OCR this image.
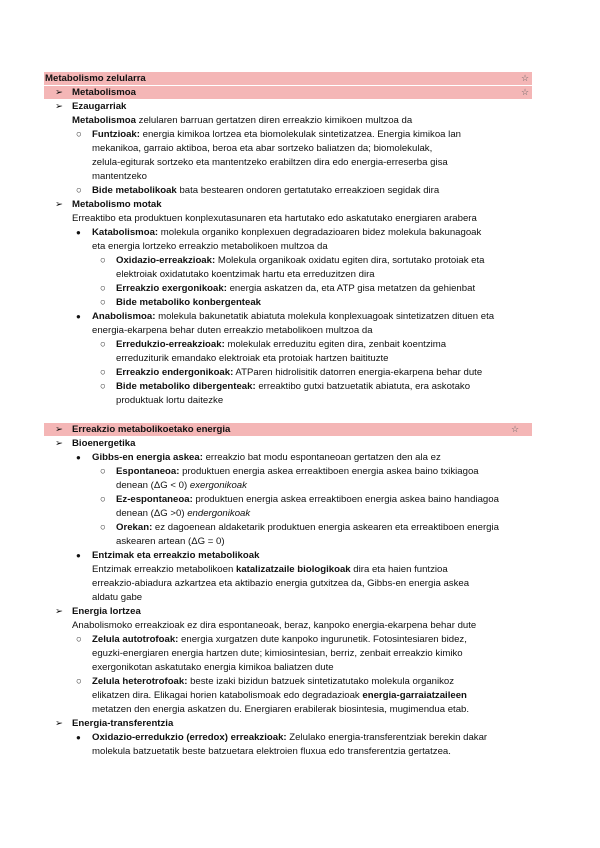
Metabolismo zelularra	☆
➢ Metabolismoa	☆
➢ Ezaugarriak
Metabolismoa zelularen barruan gertatzen diren erreakzio kimikoen multzoa da
○ Funtzioak: energia kimikoa lortzea eta biomolekulak sintetizatzea. Energia kimikoa lan
mekanikoa, garraio aktiboa, beroa eta abar sortzeko baliatzen da; biomolekulak,
zelula-egiturak sortzeko eta mantentzeko erabiltzen dira edo energia-erreserba gisa
mantentzeko
○ Bide metabolikoak bata bestearen ondoren gertatutako erreakzioen segidak dira
➢ Metabolismo motak
Erreaktibo eta produktuen konplexutasunaren eta hartutako edo askatutako energiaren arabera
● Katabolismoa: molekula organiko konplexuen degradazioaren bidez molekula bakunagoak
eta energia lortzeko erreakzio metabolikoen multzoa da
○ Oxidazio-erreakzioak: Molekula organikoak oxidatu egiten dira, sortutako protoiak eta
elektroiak oxidatutako koentzimak hartu eta erreduzitzen dira
○ Erreakzio exergonikoak: energia askatzen da, eta ATP gisa metatzen da gehienbat
○ Bide metaboliko konbergenteak
● Anabolismoa: molekula bakunetatik abiatuta molekula konplexuagoak sintetizatzen dituen eta
energia-ekarpena behar duten erreakzio metabolikoen multzoa da
○ Erredukzio-erreakzioak: molekulak erreduzitu egiten dira, zenbait koentzima
erreduziturik emandako elektroiak eta protoiak hartzen baitituzte
○ Erreakzio endergonikoak: ATParen hidrolisitik datorren energia-ekarpena behar dute
○ Bide metaboliko dibergenteak: erreaktibo gutxi batzuetatik abiatuta, era askotako
produktuak lortu daitezke
➢ Erreakzio metabolikoetako energia	☆
➢ Bioenergetika
● Gibbs-en energia askea: erreakzio bat modu espontaneoan gertatzen den ala ez
○ Espontaneoa: produktuen energia askea erreaktiboen energia askea baino txikiagoa
denean (ΔG < 0) exergonikoak
○ Ez-espontaneoa: produktuen energia askea erreaktiboen energia askea baino handiagoa
denean (ΔG >0) endergonikoak
○ Orekan: ez dagoenean aldaketarik produktuen energia askearen eta erreaktiboen energia
askearen artean (ΔG = 0)
● Entzimak eta erreakzio metabolikoak
Entzimak erreakzio metabolikoen katalizatzaile biologikoak dira eta haien funtzioa
erreakzio-abiadura azkartzea eta aktibazio energia gutxitzea da, Gibbs-en energia askea
aldatu gabe
➢ Energia lortzea
Anabolismoko erreakzioak ez dira espontaneoak, beraz, kanpoko energia-ekarpena behar dute
○ Zelula autotrofoak: energia xurgatzen dute kanpoko ingurunetik. Fotosintesiaren bidez,
eguzki-energiaren energia hartzen dute; kimiosintesian, berriz, zenbait erreakzio kimiko
exergonikotan askatutako energia kimikoa baliatzen dute
○ Zelula heterotrofoak: beste izaki bizidun batzuek sintetizatutako molekula organikoz
elikatzen dira. Elikagai horien katabolismoak edo degradazioak energia-garraiatzaileen
metatzen den energia askatzen du. Energiaren erabilerak biosintesia, mugimendua etab.
➢ Energia-transferentzia
● Oxidazio-erredukzio (erredox) erreakzioak: Zelulako energia-transferentziak berekin dakar
molekula batzuetatik beste batzuetara elektroien fluxua edo transferentzia gertatzea.
